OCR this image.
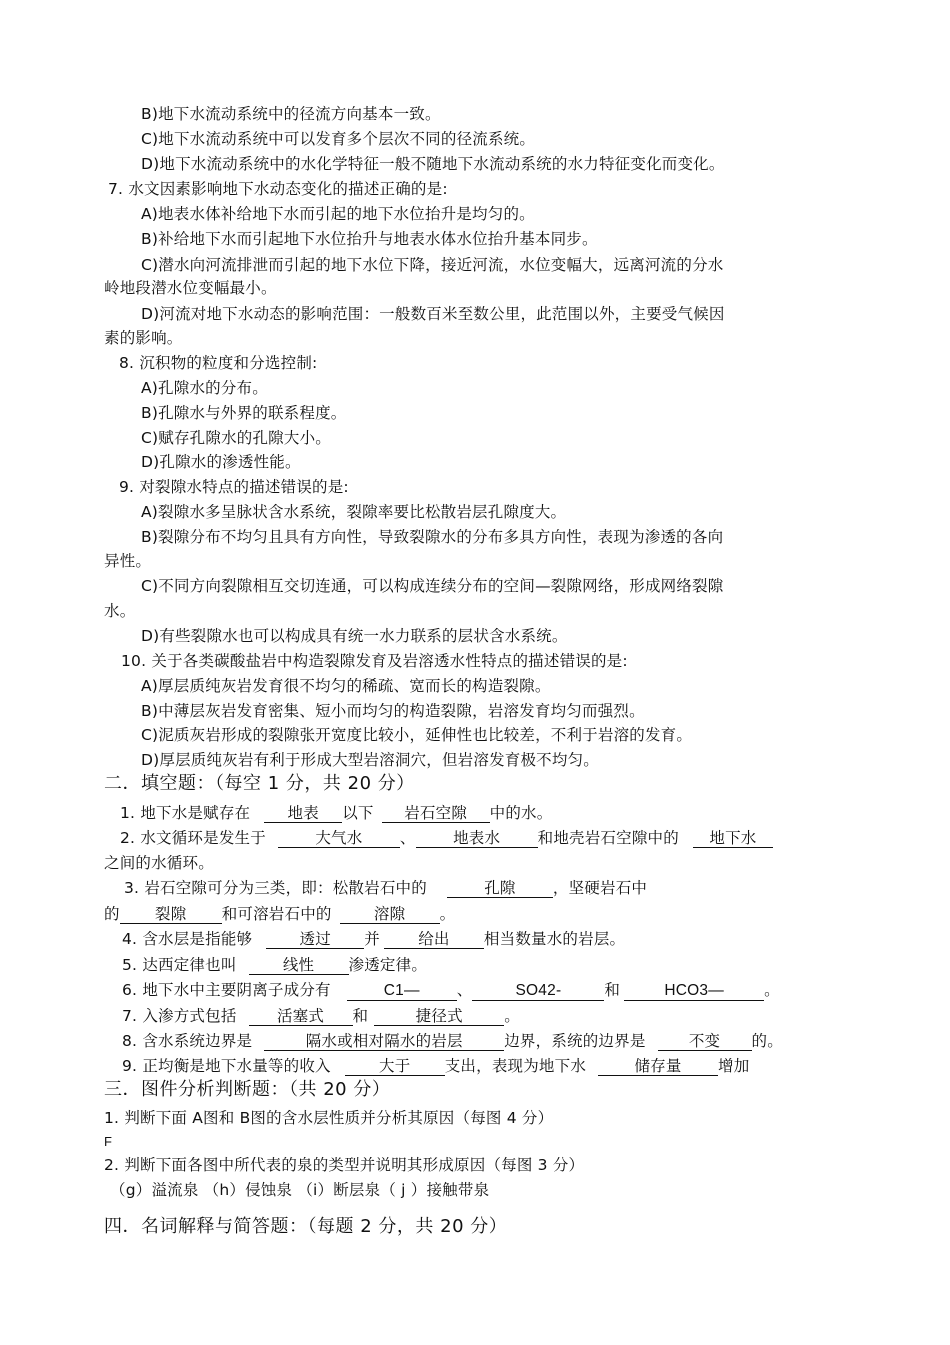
B)地下水流动系统中的径流方向基本一致。
C)地下水流动系统中可以发育多个层次不同的径流系统。
D)地下水流动系统中的水化学特征一般不随地下水流动系统的水力特征变化而变化。
7. 水文因素影响地下水动态变化的描述正确的是:
A)地表水体补给地下水而引起的地下水位抬升是均匀的。
B)补给地下水而引起地下水位抬升与地表水体水位抬升基本同步。
C)潜水向河流排泄而引起的地下水位下降，接近河流，水位变幅大，远离河流的分水
岭地段潜水位变幅最小。
D)河流对地下水动态的影响范围：一般数百米至数公里，此范围以外，主要受气候因
素的影响。
8. 沉积物的粒度和分选控制:
A)孔隙水的分布。
B)孔隙水与外界的联系程度。
C)赋存孔隙水的孔隙大小。
D)孔隙水的渗透性能。
9. 对裂隙水特点的描述错误的是:
A)裂隙水多呈脉状含水系统，裂隙率要比松散岩层孔隙度大。
B)裂隙分布不均匀且具有方向性，导致裂隙水的分布多具方向性，表现为渗透的各向
异性。
C)不同方向裂隙相互交切连通，可以构成连续分布的空间—裂隙网络，形成网络裂隙
水。
D)有些裂隙水也可以构成具有统一水力联系的层状含水系统。
10. 关于各类碳酸盐岩中构造裂隙发育及岩溶透水性特点的描述错误的是:
A)厚层质纯灰岩发育很不均匀的稀疏、宽而长的构造裂隙。
B)中薄层灰岩发育密集、短小而均匀的构造裂隙，岩溶发育均匀而强烈。
C)泥质灰岩形成的裂隙张开宽度比较小，延伸性也比较差，不利于岩溶的发育。
D)厚层质纯灰岩有利于形成大型岩溶洞穴，但岩溶发育极不均匀。
二．填空题：（每空 1 分，共 20 分）
1. 地下水是赋存在 地表 以下 岩石空隙 中的水。
2. 水文循环是发生于	大气水 、 地表水 和地壳岩石空隙中的 地下水
之间的水循环。
3. 岩石空隙可分为三类，即：松散岩石中的	孔隙 ，坚硬岩石中
的 裂隙 和可溶岩石中的	溶隙 。
4. 含水层是指能够	透过 并 给出 相当数量水的岩层。
5. 达西定律也叫	线性 渗透定律。
6. 地下水中主要阴离子成分有	C1— 、	SO42-	和	HCO3—	。
7. 入渗方式包括	活塞式 和	捷径式	。
8. 含水系统边界是	隔水或相对隔水的岩层	边界，系统的边界是	不变 的。
9. 正均衡是地下水量等的收入	大于 支出，表现为地下水	储存量 增加
三．图件分析判断题：（共 20 分）
1. 判断下面 A图和 B图的含水层性质并分析其原因（每图 4 分）
F
2. 判断下面各图中所代表的泉的类型并说明其形成原因（每图 3 分）
（g）溢流泉 （h）侵蚀泉 （i）断层泉（ j ）接触带泉
四．名词解释与简答题：（每题 2 分，共 20 分）
